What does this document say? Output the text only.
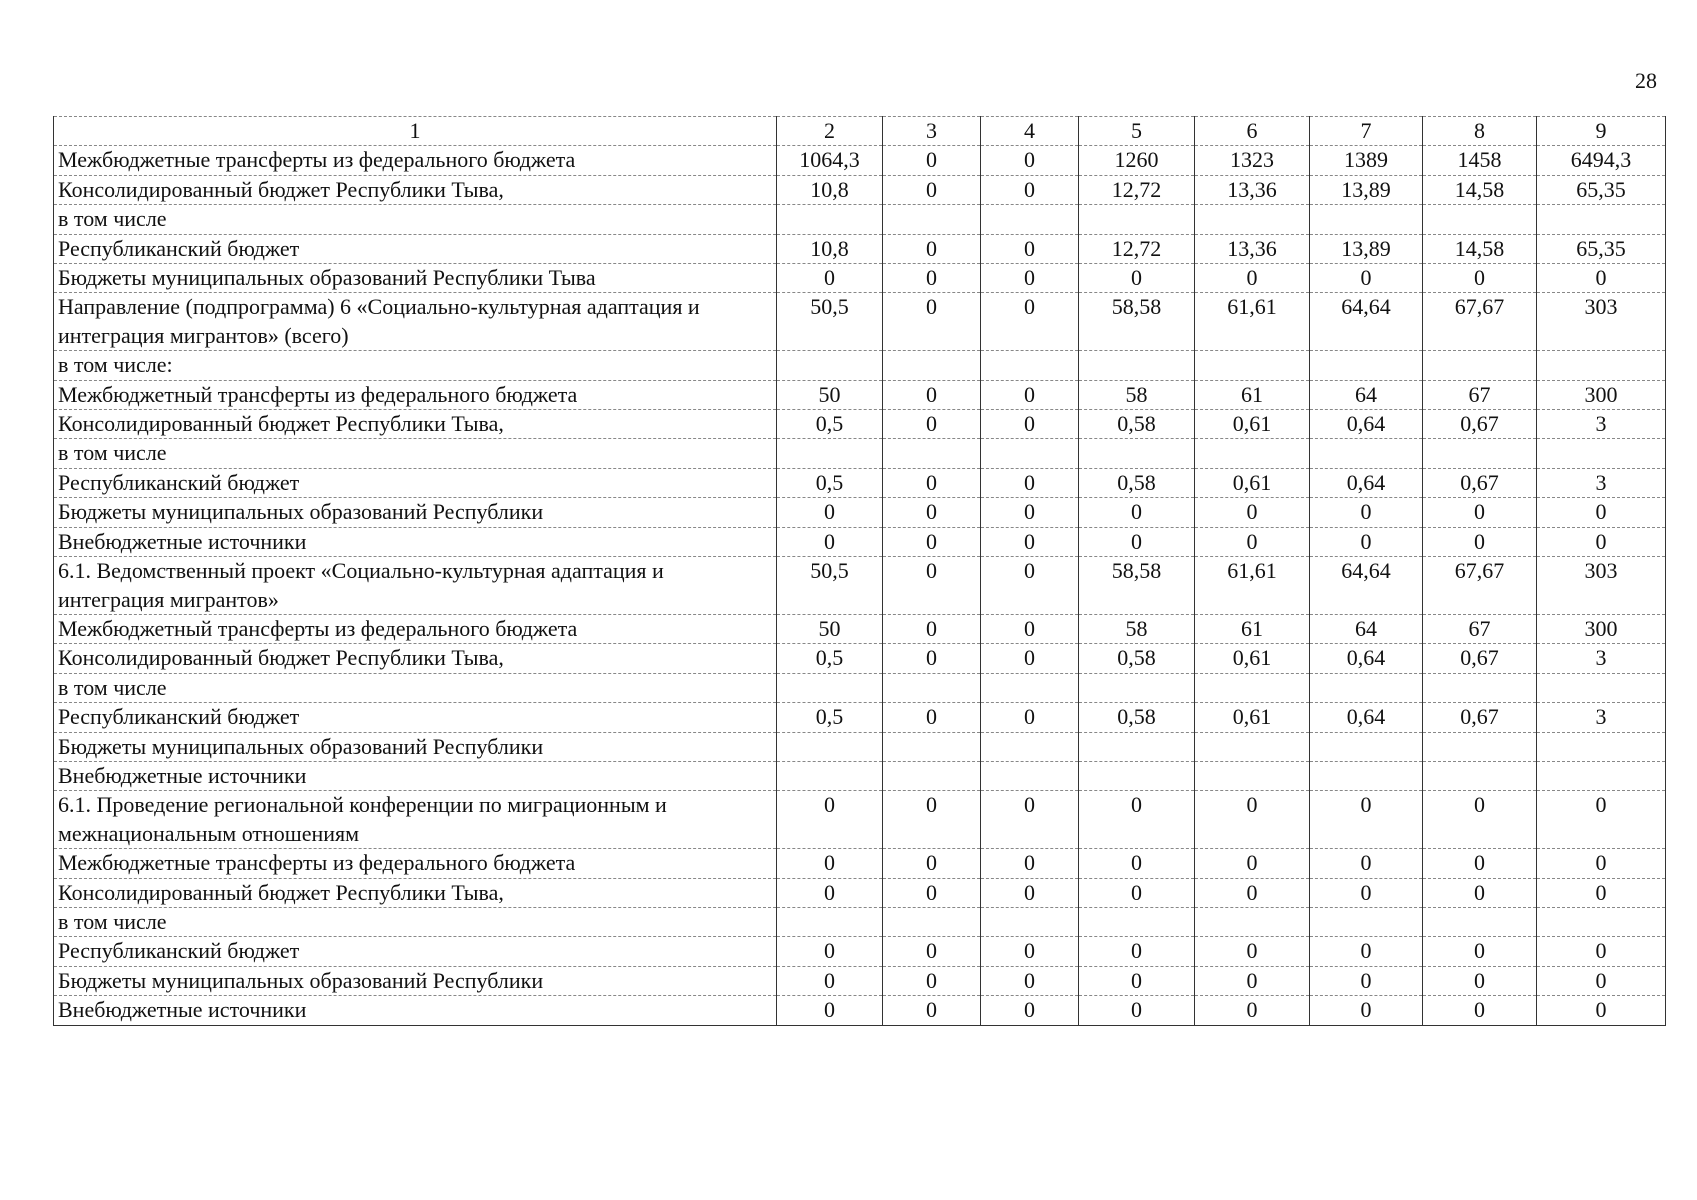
28
1	2	3	4	5	6	7	8	9
Межбюджетные трансферты из федерального бюджета	1064,3	0	0	1260	1323	1389	1458	6494,3
Консолидированный бюджет Республики Тыва,	10,8	0	0	12,72	13,36	13,89	14,58	65,35
в том числе								
Республиканский бюджет	10,8	0	0	12,72	13,36	13,89	14,58	65,35
Бюджеты муниципальных образований Республики Тыва	0	0	0	0	0	0	0	0
Направление (подпрограмма) 6 «Социально-культурная адаптация и интеграция мигрантов» (всего)	50,5	0	0	58,58	61,61	64,64	67,67	303
в том числе:								
Межбюджетный трансферты из федерального бюджета	50	0	0	58	61	64	67	300
Консолидированный бюджет Республики Тыва,	0,5	0	0	0,58	0,61	0,64	0,67	3
в том числе								
Республиканский бюджет	0,5	0	0	0,58	0,61	0,64	0,67	3
Бюджеты муниципальных образований Республики	0	0	0	0	0	0	0	0
Внебюджетные источники	0	0	0	0	0	0	0	0
6.1. Ведомственный проект «Социально-культурная адаптация и интеграция мигрантов»	50,5	0	0	58,58	61,61	64,64	67,67	303
Межбюджетный трансферты из федерального бюджета	50	0	0	58	61	64	67	300
Консолидированный бюджет Республики Тыва,	0,5	0	0	0,58	0,61	0,64	0,67	3
в том числе								
Республиканский бюджет	0,5	0	0	0,58	0,61	0,64	0,67	3
Бюджеты муниципальных образований Республики								
Внебюджетные источники								
6.1. Проведение региональной конференции по миграционным и межнациональным отношениям	0	0	0	0	0	0	0	0
Межбюджетные трансферты из федерального бюджета	0	0	0	0	0	0	0	0
Консолидированный бюджет Республики Тыва,	0	0	0	0	0	0	0	0
в том числе								
Республиканский бюджет	0	0	0	0	0	0	0	0
Бюджеты муниципальных образований Республики	0	0	0	0	0	0	0	0
Внебюджетные источники	0	0	0	0	0	0	0	0
